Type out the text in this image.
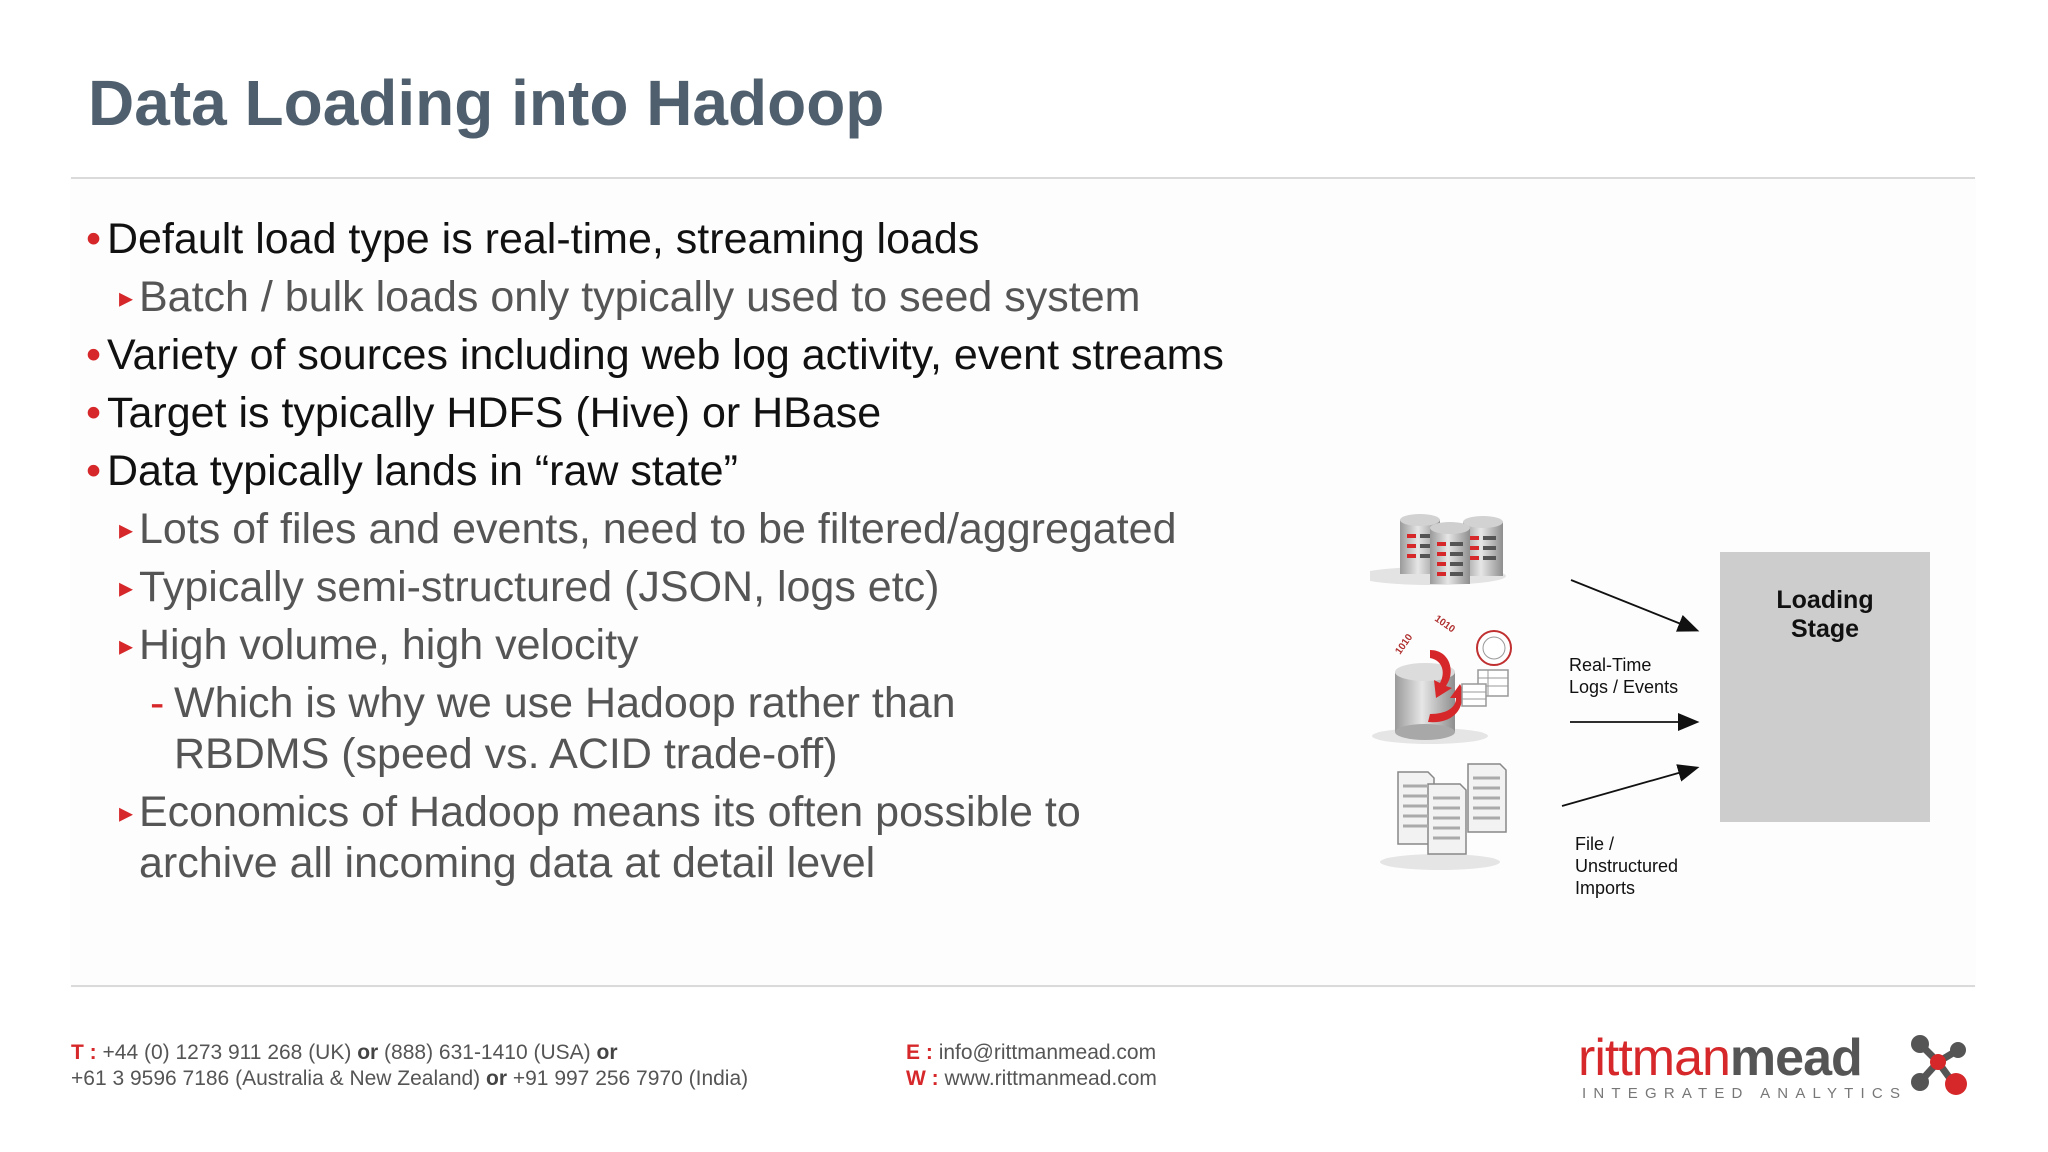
Data Loading into Hadoop
• Default load type is real-time, streaming loads
▸ Batch / bulk loads only typically used to seed system
• Variety of sources including web log activity, event streams
• Target is typically HDFS (Hive) or HBase
• Data typically lands in “raw state”
▸ Lots of files and events, need to be filtered/aggregated
▸ Typically semi-structured (JSON, logs etc)
▸ High volume, high velocity
- Which is why we use Hadoop rather than
RBDMS (speed vs. ACID trade-off)
▸ Economics of Hadoop means its often possible to
archive all incoming data at detail level
1010
1010
Loading Stage
Real-Time
Logs / Events
File /
Unstructured
Imports
T : +44 (0) 1273 911 268 (UK) or (888) 631-1410 (USA) or
+61 3 9596 7186 (Australia & New Zealand) or +91 997 256 7970 (India)
E : info@rittmanmead.com
W : www.rittmanmead.com	rittmanmead
INTEGRATED ANALYTICS
